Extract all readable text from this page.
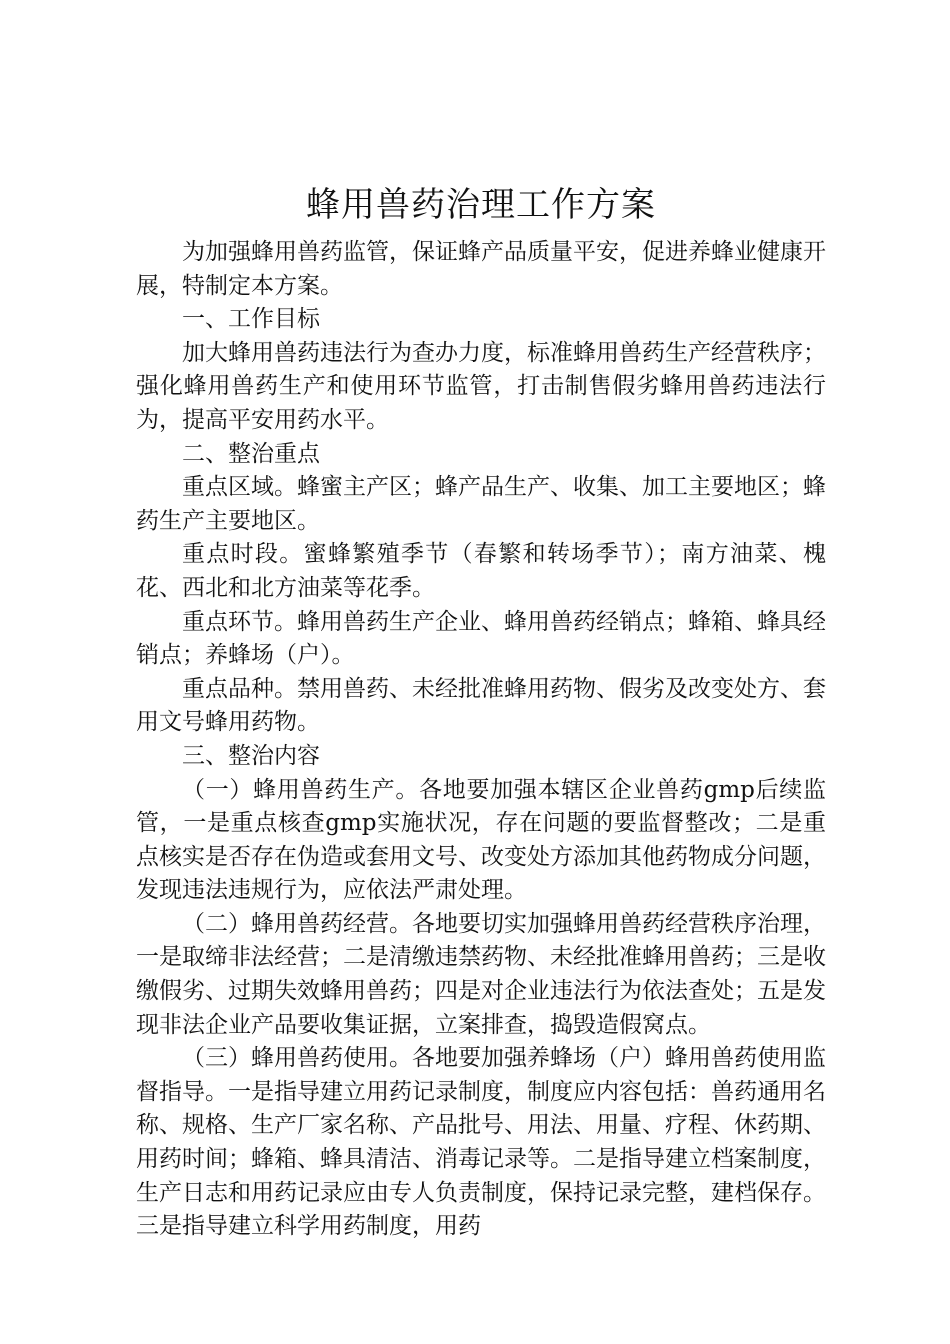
蜂用兽药治理工作方案

为加强蜂用兽药监管，保证蜂产品质量平安，促进养蜂业健康开展，特制定本方案。

一、工作目标

加大蜂用兽药违法行为查办力度，标准蜂用兽药生产经营秩序；强化蜂用兽药生产和使用环节监管，打击制售假劣蜂用兽药违法行为，提高平安用药水平。

二、整治重点

重点区域。蜂蜜主产区；蜂产品生产、收集、加工主要地区；蜂药生产主要地区。

重点时段。蜜蜂繁殖季节（春繁和转场季节）；南方油菜、槐花、西北和北方油菜等花季。

重点环节。蜂用兽药生产企业、蜂用兽药经销点；蜂箱、蜂具经销点；养蜂场（户）。

重点品种。禁用兽药、未经批准蜂用药物、假劣及改变处方、套用文号蜂用药物。

三、整治内容

（一）蜂用兽药生产。各地要加强本辖区企业兽药gmp后续监管，一是重点核查gmp实施状况，存在问题的要监督整改；二是重点核实是否存在伪造或套用文号、改变处方添加其他药物成分问题，发现违法违规行为，应依法严肃处理。

（二）蜂用兽药经营。各地要切实加强蜂用兽药经营秩序治理，一是取缔非法经营；二是清缴违禁药物、未经批准蜂用兽药；三是收缴假劣、过期失效蜂用兽药；四是对企业违法行为依法查处；五是发现非法企业产品要收集证据，立案排查，捣毁造假窝点。

（三）蜂用兽药使用。各地要加强养蜂场（户）蜂用兽药使用监督指导。一是指导建立用药记录制度，制度应内容包括：兽药通用名称、规格、生产厂家名称、产品批号、用法、用量、疗程、休药期、用药时间；蜂箱、蜂具清洁、消毒记录等。二是指导建立档案制度，生产日志和用药记录应由专人负责制度，保持记录完整，建档保存。三是指导建立科学用药制度，用药
